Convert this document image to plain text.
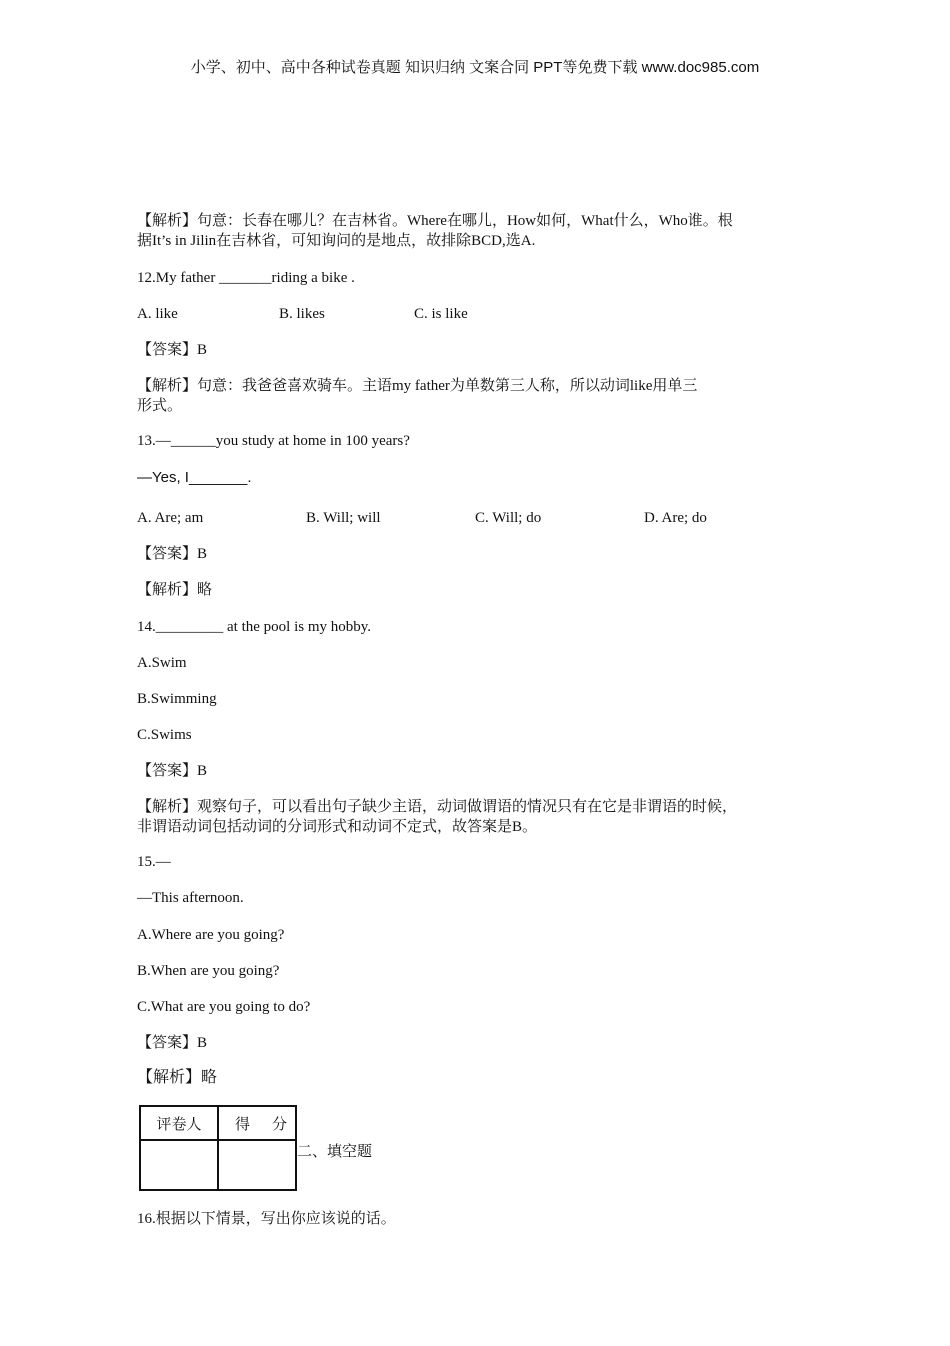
小学、初中、高中各种试卷真题 知识归纳 文案合同 PPT等免费下载 www.doc985.com
【解析】句意：长春在哪儿？在吉林省。Where在哪儿，How如何，What什么，Who谁。根
据It’s in Jilin在吉林省，可知询问的是地点，故排除BCD,选A.
12.My father _______riding a bike .

A. like

	B. likes

	C. is like

【答案】B
【解析】句意：我爸爸喜欢骑车。主语my father为单数第三人称，所以动词like用单三
形式。
13.—______you study at home in 100 years?
—Yes, I_______.

A. Are; am

	B. Will; will

	C. Will; do

	D. Are; do

【答案】B
【解析】略
14._________ at the pool is my hobby.
A.Swim
B.Swimming
C.Swims
【答案】B
【解析】观察句子，可以看出句子缺少主语，动词做谓语的情况只有在它是非谓语的时候，
非谓语动词包括动词的分词形式和动词不定式，故答案是B。
15.—
—This afternoon.
A.Where are you going?
B.When are you going?
C.What are you going to do?
【答案】B
【解析】略
评卷人	得 分

二、填空题
16.根据以下情景，写出你应该说的话。
